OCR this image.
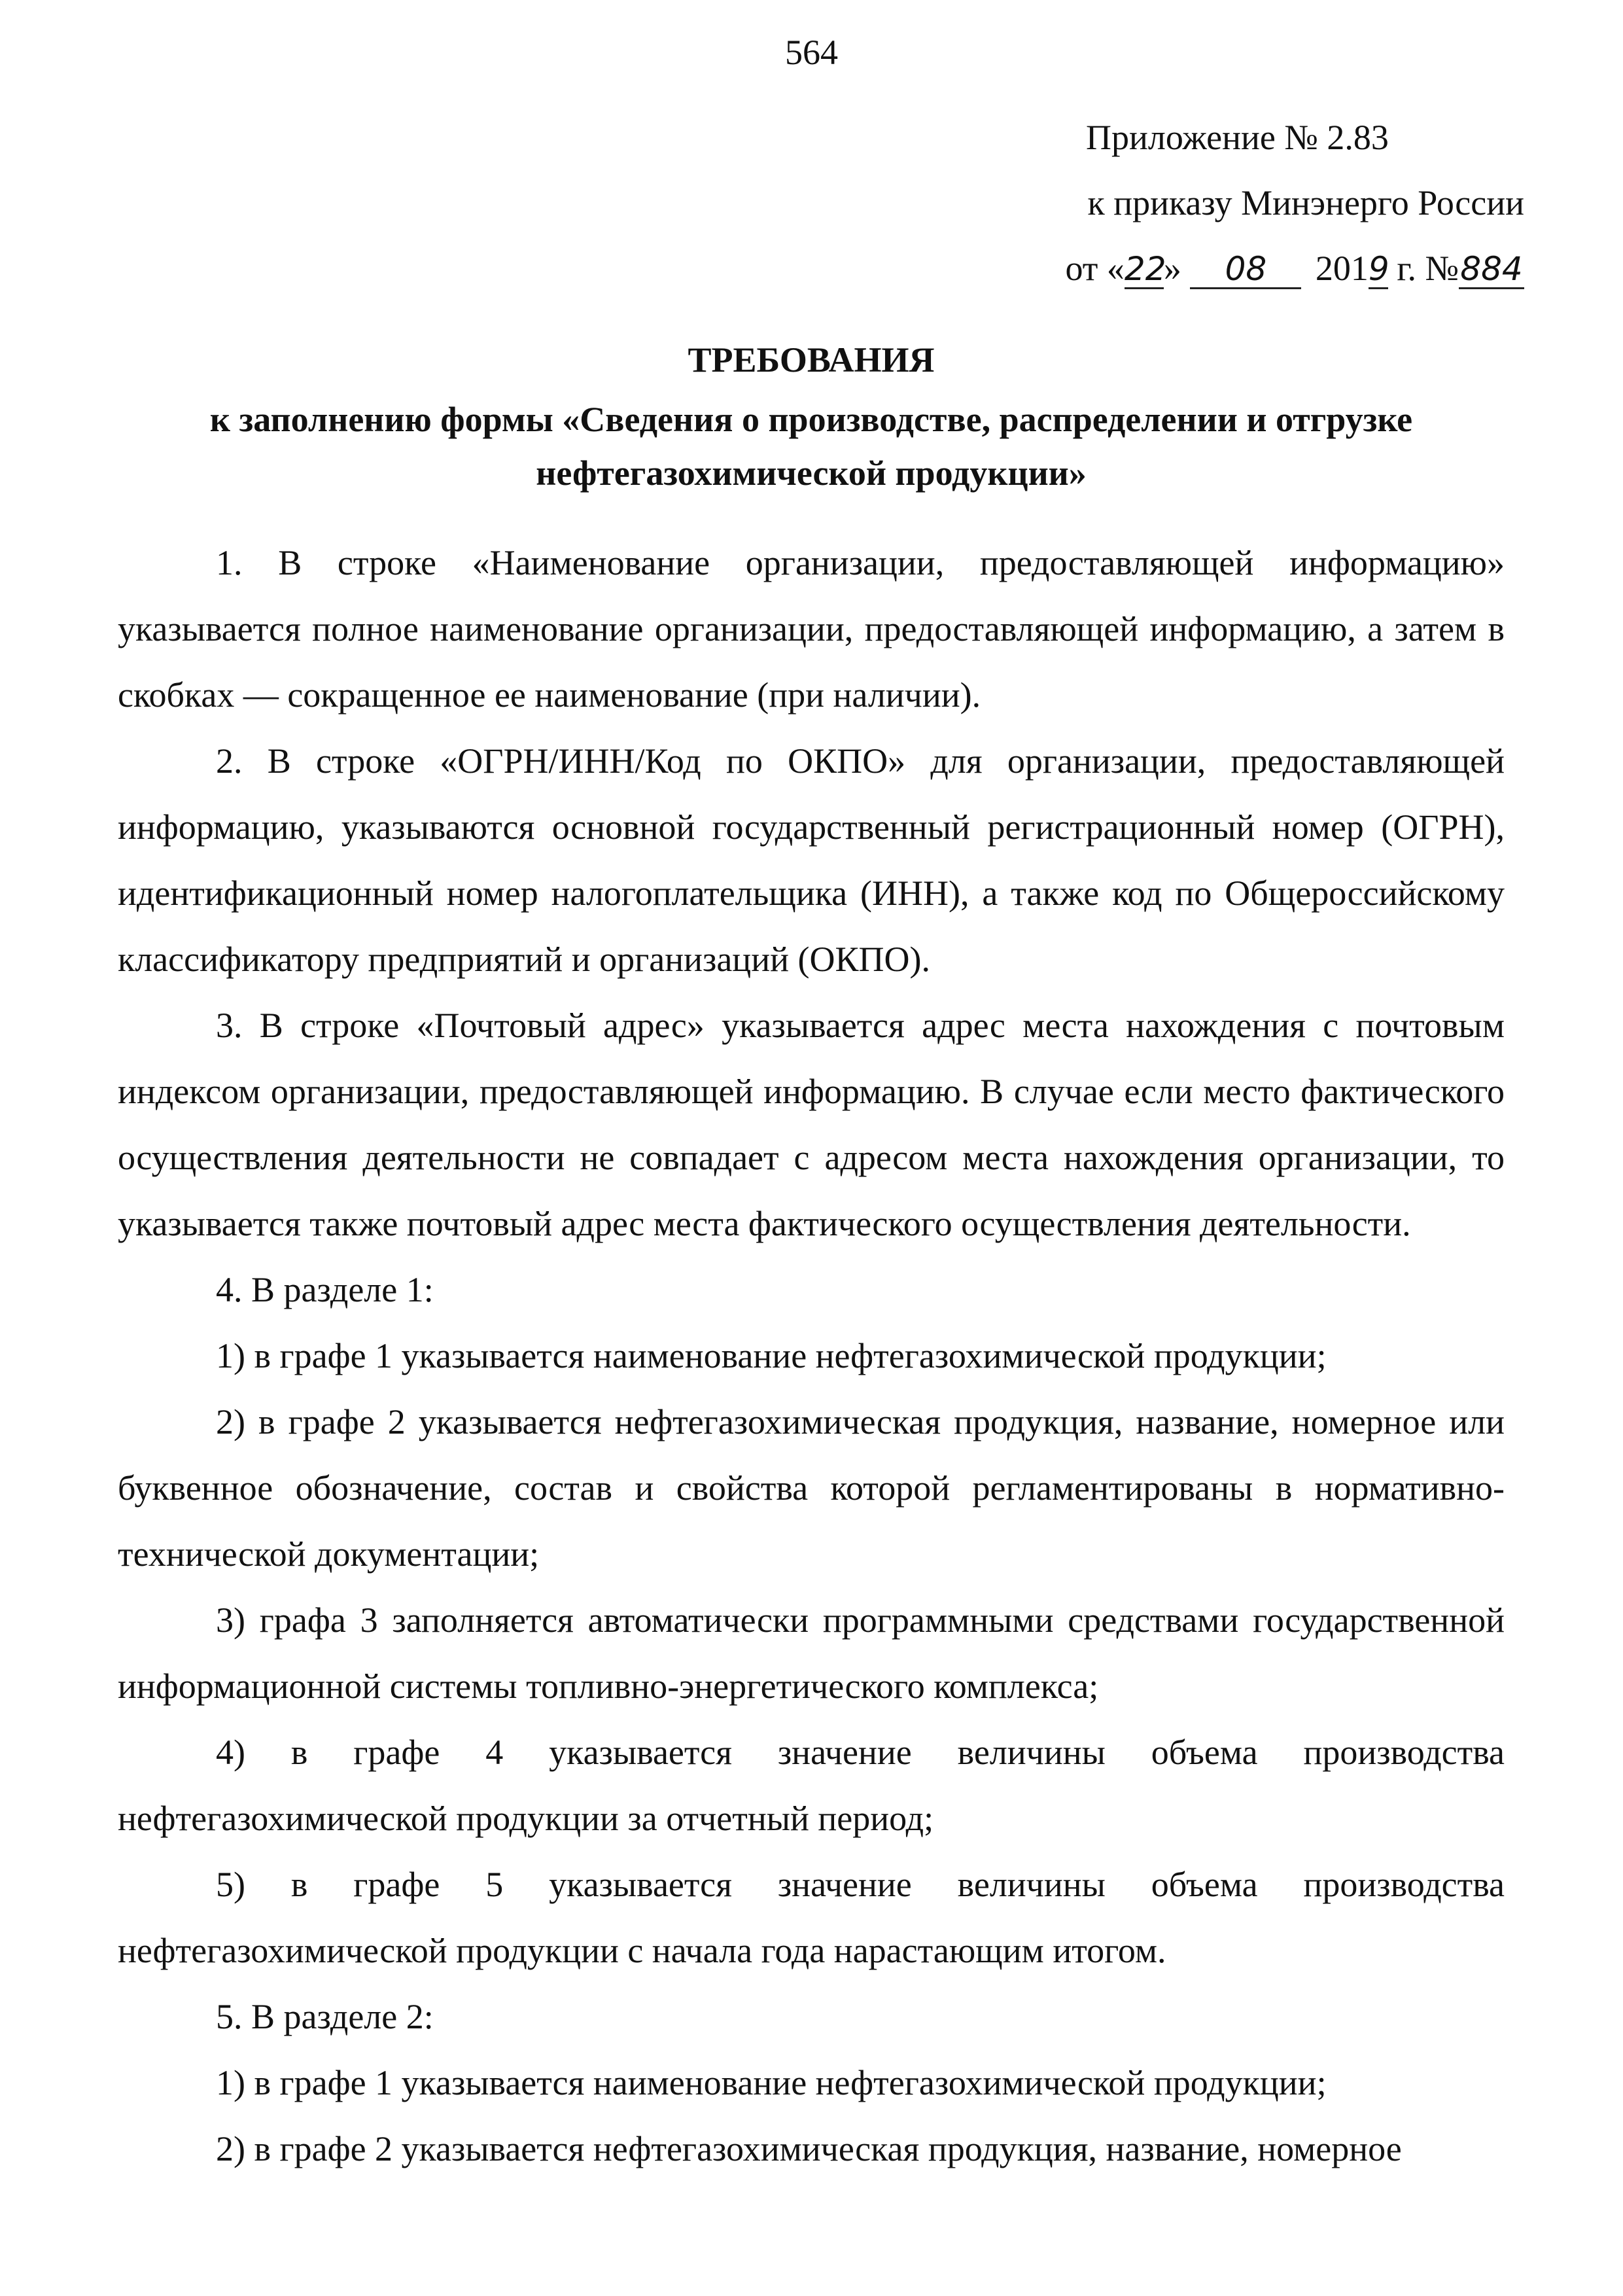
564
Приложение № 2.83
к приказу Минэнерго России
от «22» 08 2019 г. №884
ТРЕБОВАНИЯ
к заполнению формы «Сведения о производстве, распределении и отгрузке
нефтегазохимической продукции»

1. В строке «Наименование организации, предоставляющей информацию» указывается полное наименование организации, предоставляющей информацию, а затем в скобках — сокращенное ее наименование (при наличии).

2. В строке «ОГРН/ИНН/Код по ОКПО» для организации, предоставляющей информацию, указываются основной государственный регистрационный номер (ОГРН), идентификационный номер налогоплательщика (ИНН), а также код по Общероссийскому классификатору предприятий и организаций (ОКПО).

3. В строке «Почтовый адрес» указывается адрес места нахождения с почтовым индексом организации, предоставляющей информацию. В случае если место фактического осуществления деятельности не совпадает с адресом места нахождения организации, то указывается также почтовый адрес места фактического осуществления деятельности.

4. В разделе 1:

1) в графе 1 указывается наименование нефтегазохимической продукции;

2) в графе 2 указывается нефтегазохимическая продукция, название, номерное или буквенное обозначение, состав и свойства которой регламентированы в нормативно-технической документации;

3) графа 3 заполняется автоматически программными средствами государственной информационной системы топливно-энергетического комплекса;

4) в графе 4 указывается значение величины объема производства нефтегазохимической продукции за отчетный период;

5) в графе 5 указывается значение величины объема производства нефтегазохимической продукции с начала года нарастающим итогом.

5. В разделе 2:

1) в графе 1 указывается наименование нефтегазохимической продукции;

2) в графе 2 указывается нефтегазохимическая продукция, название, номерное
